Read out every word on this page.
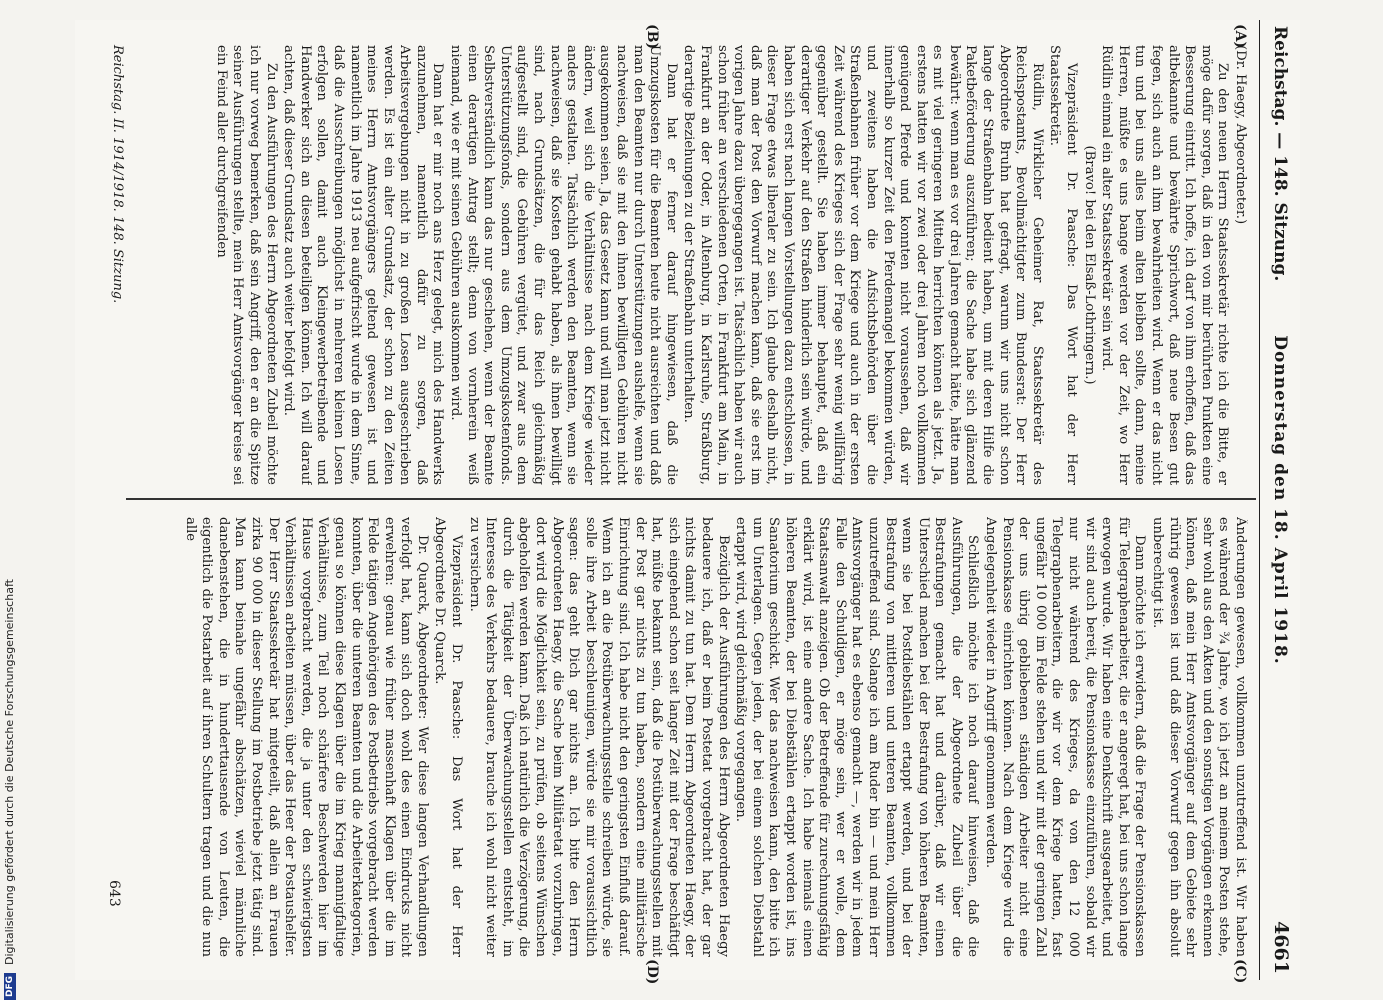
Reichstag. — 148. Sitzung.
Donnerstag den 18. April 1918.
4661
(A)
(B)
(C)
(D)

(Dr. Haegy, Abgeordneter.)

Zu den neuen Herrn Staatssekretär richte ich die Bitte, er möge dafür sorgen, daß in den von mir berührten Punkten eine Besserung eintritt. Ich hoffe, ich darf von ihm erhoffen, daß das altbekannte und bewährte Sprichwort, daß neue Besen gut fegen, sich auch an ihm bewahrheiten wird. Wenn er das nicht tun und bei uns alles beim alten bleiben sollte, dann, meine Herren, müßte es uns bange werden vor der Zeit, wo Herr Rüdlin einmal ein alter Staatssekretär sein wird.

(Bravo! bei den Elsaß-Lothringern.)

Vizepräsident Dr. Paasche: Das Wort hat der Herr Staatssekretär.

Rüdlin, Wirklicher Geheimer Rat, Staatssekretär des Reichspostamts, Bevollmächtigter zum Bundesrat: Der Herr Abgeordnete Bruhn hat gefragt, warum wir uns nicht schon lange der Straßenbahn bedient haben, um mit deren Hilfe die Paketbeförderung auszuführen; die Sache habe sich glänzend bewährt: wenn man es vor drei Jahren gemacht hätte, hätte man es mit viel geringeren Mitteln herrichten können als jetzt. Ja, erstens hatten wir vor zwei oder drei Jahren noch vollkommen genügend Pferde und konnten nicht voraussehen, daß wir innerhalb so kurzer Zeit den Pferdemangel bekommen würden, und zweitens haben die Aufsichtsbehörden über die Straßenbahnen früher vor dem Kriege und auch in der ersten Zeit während des Krieges sich der Frage sehr wenig willfährig gegenüber gestellt. Sie haben immer behauptet, daß ein derartiger Verkehr auf den Straßen hinderlich sein würde, und haben sich erst nach langen Vorstellungen dazu entschlossen, in dieser Frage etwas liberaler zu sein. Ich glaube deshalb nicht, daß man der Post den Vorwurf machen kann, daß sie erst im vorigen Jahre dazu übergegangen ist. Tatsächlich haben wir auch schon früher an verschiedenen Orten, in Frankfurt am Main, in Frankfurt an der Oder, in Altenburg, in Karlsruhe, Straßburg, derartige Beziehungen zu der Straßenbahn unterhalten.

Dann hat er ferner darauf hingewiesen, daß die Umzugskosten für die Beamten heute nicht ausreichten und daß man den Beamten nur durch Unterstützungen aushelfe, wenn sie nachweisen, daß sie mit den ihnen bewilligten Gebühren nicht ausgekommen seien. Ja, das Gesetz kann und will man jetzt nicht ändern, weil sich die Verhältnisse nach dem Kriege wieder anders gestalten. Tatsächlich werden den Beamten, wenn sie nachweisen, daß sie Kosten gehabt haben, als ihnen bewilligt sind, nach Grundsätzen, die für das Reich gleichmäßig aufgestellt sind, die Gebühren vergütet, und zwar aus dem Unterstützungsfonds, sondern aus dem Umzugskostenfonds. Selbstverständlich kann das nur geschehen, wenn der Beamte einen derartigen Antrag stellt; denn von vornherein weiß niemand, wie er mit seinen Gebühren auskommen wird.

Dann hat er mir noch ans Herz gelegt, mich des Handwerks anzunehmen, namentlich dafür zu sorgen, daß Arbeitsvergebungen nicht in zu großen Losen ausgeschrieben werden. Es ist ein alter Grundsatz, der schon zu den Zeiten meines Herrn Amtsvorgängers geltend gewesen ist und namentlich im Jahre 1913 neu aufgefrischt wurde in dem Sinne, daß die Ausschreibungen möglichst in mehreren kleinen Losen erfolgen sollen, damit auch Kleingewerbetreibende und Handwerker sich an diesen beteiligen können. Ich will darauf achten, daß dieser Grundsatz auch weiter befolgt wird.

Zu den Ausführungen des Herrn Abgeordneten Zubeil möchte ich nur vorweg bemerken, daß sein Angriff, den er an die Spitze seiner Ausführungen stellte, mein Herr Amtsvorgänger kreise sei ein Feind aller durchgreifenden

Änderungen gewesen, vollkommen unzutreffend ist. Wir haben es während der ¾ Jahre, wo ich jetzt an meinem Posten stehe, sehr wohl aus den Akten und den sonstigen Vorgängen erkennen können, daß mein Herr Amtsvorgänger auf dem Gebiete sehr rührig gewesen ist und daß dieser Vorwurf gegen ihn absolut unberechtigt ist.

Dann möchte ich erwidern, daß die Frage der Pensionskassen für Telegraphenarbeiter, die er angeregt hat, bei uns schon lange erwogen wurde. Wir haben eine Denkschrift ausgearbeitet, und wir sind auch bereit, die Pensionskasse einzuführen, sobald wir nur nicht während des Krieges, da von den 12 000 Telegraphenarbeitern, die wir vor dem Kriege hatten, fast ungefähr 10 000 im Felde stehen und wir mit der geringen Zahl der uns übrig gebliebenen ständigen Arbeiter nicht eine Pensionskasse einrichten können. Nach dem Kriege wird die Angelegenheit wieder in Angriff genommen werden.

Schließlich möchte ich noch darauf hinweisen, daß die Ausführungen, die der Abgeordnete Zubeil über die Bestrafungen gemacht hat und darüber, daß wir einen Unterschied machen bei der Bestrafung von höheren Beamten, wenn sie bei Postdiebstählen ertappt werden, und bei der Bestrafung von mittleren und unteren Beamten, vollkommen unzutreffend sind. Solange ich am Ruder bin — und mein Herr Amtsvorgänger hat es ebenso gemacht —, werden wir in jedem Falle den Schuldigen, er möge sein, wer er wolle, dem Staatsanwalt anzeigen. Ob der Betreffende für zurechnungsfähig erklärt wird, ist eine andere Sache. Ich habe niemals einen höheren Beamten, der bei Diebstählen ertappt worden ist, ins Sanatorium geschickt. Wer das nachweisen kann, den bitte ich um Unterlagen. Gegen jeden, der bei einem solchen Diebstahl ertappt wird, wird gleichmäßig vorgegangen.

Bezüglich der Ausführungen des Herrn Abgeordneten Haegy bedauere ich, daß er beim Postetat vorgebracht hat, der gar nichts damit zu tun hat. Dem Herrn Abgeordneten Haegy, der sich eingehend schon seit langer Zeit mit der Frage beschäftigt hat, müßte bekannt sein, daß die Postüberwachungsstellen mit der Post gar nichts zu tun haben, sondern eine militärische Einrichtung sind. Ich habe nicht den geringsten Einfluß darauf. Wenn ich an die Postüberwachungsstelle schreiben würde, sie solle ihre Arbeit beschleunigen, würde sie mir voraussichtlich sagen: das geht Dich gar nichts an. Ich bitte den Herrn Abgeordneten Haegy, die Sache beim Militäretat vorzubringen, dort wird die Möglichkeit sein, zu prüfen, ob seitens Wünschen abgeholfen werden kann. Daß ich natürlich die Verzögerung, die durch die Tätigkeit der Überwachungsstellen entsteht, im Interesse des Verkehrs bedauere, brauche ich wohl nicht weiter zu versichern.

Vizepräsident Dr. Paasche: Das Wort hat der Herr Abgeordnete Dr. Quarck.

Dr. Quarck, Abgeordneter: Wer diese langen Verhandlungen verfolgt hat, kann sich doch wohl des einen Eindrucks nicht erwehren: genau wie früher massenhaft Klagen über die im Felde tätigen Angehörigen des Postbetriebs vorgebracht werden konnten, über die unteren Beamten und die Arbeiterkategorien, genau so können diese Klagen über die im Krieg mannigfaltige Verhältnisse, zum Teil noch schärfere Beschwerden hier im Hause vorgebracht werden, die ja unter den schwierigsten Verhältnissen arbeiten müssen, über das Heer der Postaushelfer. Der Herr Staatssekretär hat mitgeteilt, daß allein an Frauen zirka 90 000 in dieser Stellung im Postbetriebe jetzt tätig sind. Man kann beinahe ungefähr abschätzen, wieviel männliche danebenstehen, die in hunderttausende von Leuten, die eigentlich die Postarbeit auf ihren Schultern tragen und die nun alle

Reichstag. II. 1914/1918. 148. Sitzung.
643
DFG
Digitalisierung gefördert durch die Deutsche Forschungsgemeinschaft
